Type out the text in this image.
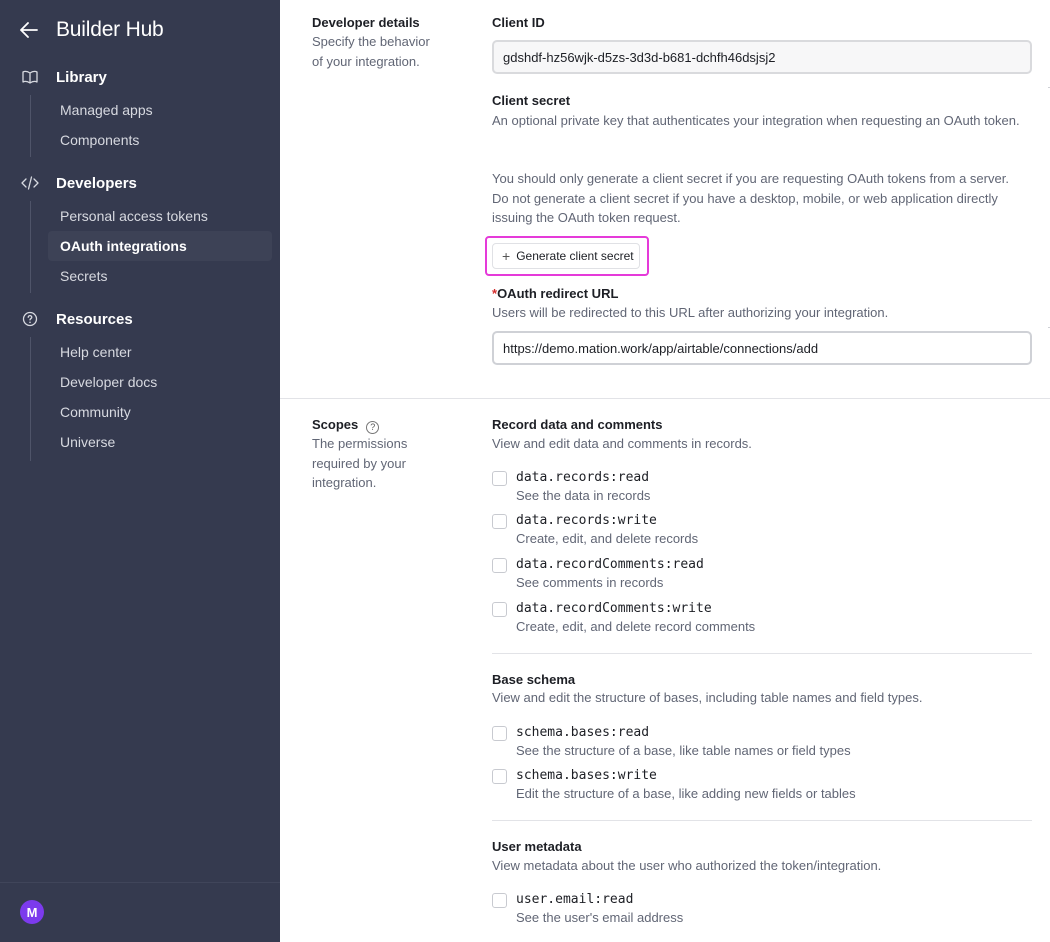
Builder Hub
Library
Managed apps
Components
Developers
Personal access tokens
OAuth integrations
Secrets
Resources
Help center
Developer docs
Community
Universe
M
Developer details
Specify the behavior of your integration.
Client ID
gdshdf-hz56wjk-d5zs-3d3d-b681-dchfh46dsjsj2
Client secret
An optional private key that authenticates your integration when requesting an OAuth token.
You should only generate a client secret if you are requesting OAuth tokens from a server. Do not generate a client secret if you have a desktop, mobile, or web application directly issuing the OAuth token request.
+ Generate client secret
*OAuth redirect URL
Users will be redirected to this URL after authorizing your integration.
https://demo.mation.work/app/airtable/connections/add
Scopes ?
The permissions required by your integration.
Record data and comments
View and edit data and comments in records.
data.records:read
See the data in records
data.records:write
Create, edit, and delete records
data.recordComments:read
See comments in records
data.recordComments:write
Create, edit, and delete record comments
Base schema
View and edit the structure of bases, including table names and field types.
schema.bases:read
See the structure of a base, like table names or field types
schema.bases:write
Edit the structure of a base, like adding new fields or tables
User metadata
View metadata about the user who authorized the token/integration.
user.email:read
See the user's email address
